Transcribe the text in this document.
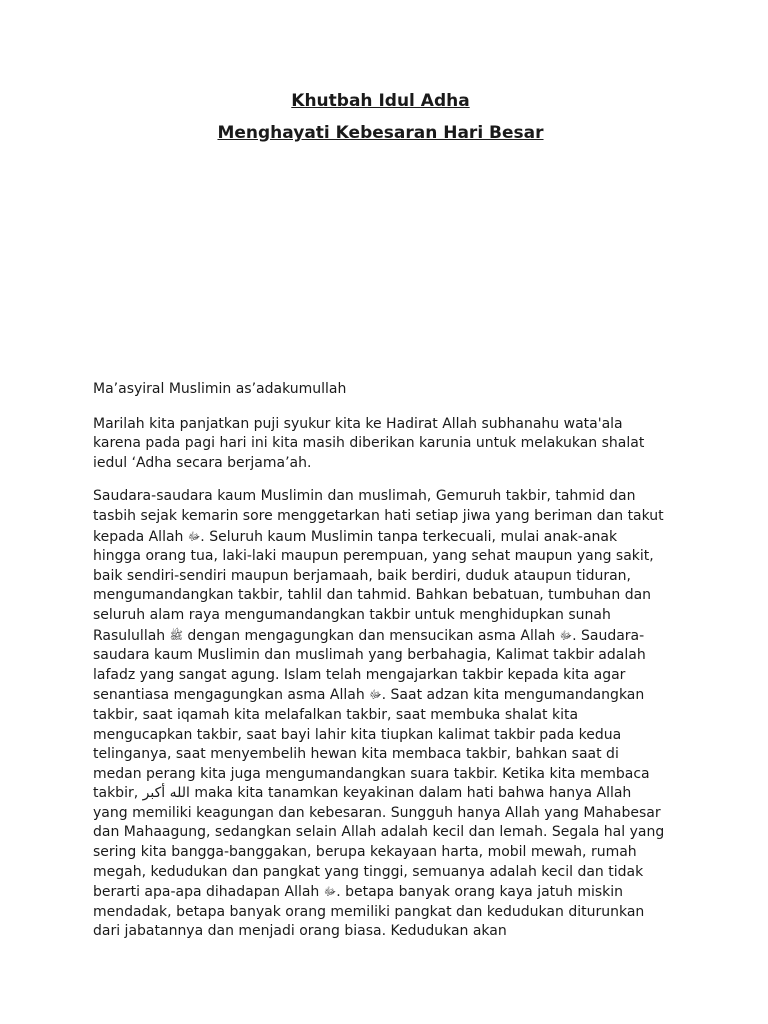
Khutbah Idul Adha
Menghayati Kebesaran Hari Besar

Ma’asyiral Muslimin as’adakumullah

Marilah kita panjatkan puji syukur kita ke Hadirat Allah subhanahu wata'ala karena pada pagi hari ini kita masih diberikan karunia untuk melakukan shalat iedul ‘Adha secara berjama’ah.

Saudara-saudara kaum Muslimin dan muslimah, Gemuruh takbir, tahmid dan tasbih sejak kemarin sore menggetarkan hati setiap jiwa yang beriman dan takut kepada Allah ﷻ. Seluruh kaum Muslimin tanpa terkecuali, mulai anak-anak hingga orang tua, laki-laki maupun perempuan, yang sehat maupun yang sakit, baik sendiri-sendiri maupun berjamaah, baik berdiri, duduk ataupun tiduran, mengumandangkan takbir, tahlil dan tahmid. Bahkan bebatuan, tumbuhan dan seluruh alam raya mengumandangkan takbir untuk menghidupkan sunah Rasulullah ﷺ dengan mengagungkan dan mensucikan asma Allah ﷻ. Saudara-saudara kaum Muslimin dan muslimah yang berbahagia, Kalimat takbir adalah lafadz yang sangat agung. Islam telah mengajarkan takbir kepada kita agar senantiasa mengagungkan asma Allah ﷻ. Saat adzan kita mengumandangkan takbir, saat iqamah kita melafalkan takbir, saat membuka shalat kita mengucapkan takbir, saat bayi lahir kita tiupkan kalimat takbir pada kedua telinganya, saat menyembelih hewan kita membaca takbir, bahkan saat di medan perang kita juga mengumandangkan suara takbir. Ketika kita membaca takbir, الله أكبر maka kita tanamkan keyakinan dalam hati bahwa hanya Allah yang memiliki keagungan dan kebesaran. Sungguh hanya Allah yang Mahabesar dan Mahaagung, sedangkan selain Allah adalah kecil dan lemah. Segala hal yang sering kita bangga-banggakan, berupa kekayaan harta, mobil mewah, rumah megah, kedudukan dan pangkat yang tinggi, semuanya adalah kecil dan tidak berarti apa-apa dihadapan Allah ﷻ. betapa banyak orang kaya jatuh miskin mendadak, betapa banyak orang memiliki pangkat dan kedudukan diturunkan dari jabatannya dan menjadi orang biasa. Kedudukan akan
